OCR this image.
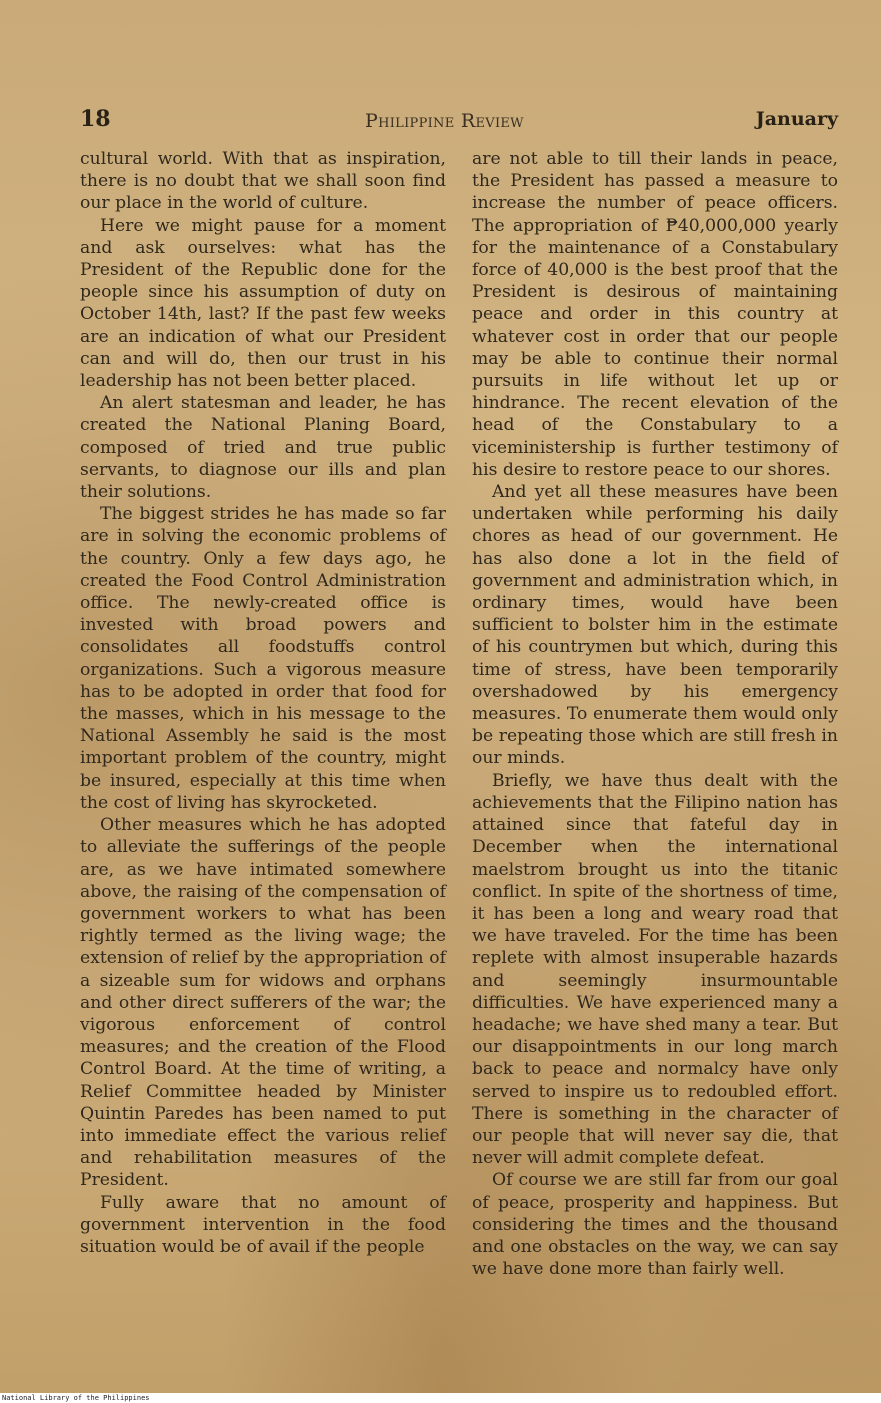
18	Philippine Review	January

cultural world. With that as inspiration, there is no doubt that we shall soon find our place in the world of culture.

Here we might pause for a moment and ask ourselves: what has the President of the Republic done for the people since his assumption of duty on October 14th, last? If the past few weeks are an indication of what our President can and will do, then our trust in his leadership has not been better placed.

An alert statesman and leader, he has created the National Planing Board, composed of tried and true public servants, to diagnose our ills and plan their solutions.

The biggest strides he has made so far are in solving the economic problems of the country. Only a few days ago, he created the Food Control Administration office. The newly-created office is invested with broad powers and consolidates all foodstuffs control organizations. Such a vigorous measure has to be adopted in order that food for the masses, which in his message to the National Assembly he said is the most important problem of the country, might be insured, especially at this time when the cost of living has skyrocketed.

Other measures which he has adopted to alleviate the sufferings of the people are, as we have intimated somewhere above, the raising of the compensation of government workers to what has been rightly termed as the living wage; the extension of relief by the appropriation of a sizeable sum for widows and orphans and other direct sufferers of the war; the vigorous enforcement of control measures; and the creation of the Flood Control Board. At the time of writing, a Relief Committee headed by Minister Quintin Paredes has been named to put into immediate effect the various relief and rehabilitation measures of the President.

Fully aware that no amount of government intervention in the food situation would be of avail if the people

are not able to till their lands in peace, the President has passed a measure to increase the number of peace officers. The appropriation of ₱40,000,000 yearly for the maintenance of a Constabulary force of 40,000 is the best proof that the President is desirous of maintaining peace and order in this country at whatever cost in order that our people may be able to continue their normal pursuits in life without let up or hindrance. The recent elevation of the head of the Constabulary to a viceministership is further testimony of his desire to restore peace to our shores.

And yet all these measures have been undertaken while performing his daily chores as head of our government. He has also done a lot in the field of government and administration which, in ordinary times, would have been sufficient to bolster him in the estimate of his countrymen but which, during this time of stress, have been temporarily overshadowed by his emergency measures. To enumerate them would only be repeating those which are still fresh in our minds.

Briefly, we have thus dealt with the achievements that the Filipino nation has attained since that fateful day in December when the international maelstrom brought us into the titanic conflict. In spite of the shortness of time, it has been a long and weary road that we have traveled. For the time has been replete with almost insuperable hazards and seemingly insurmountable difficulties. We have experienced many a headache; we have shed many a tear. But our disappointments in our long march back to peace and normalcy have only served to inspire us to redoubled effort. There is something in the character of our people that will never say die, that never will admit complete defeat.

Of course we are still far from our goal of peace, prosperity and happiness. But considering the times and the thousand and one obstacles on the way, we can say we have done more than fairly well.

National Library of the Philippines
